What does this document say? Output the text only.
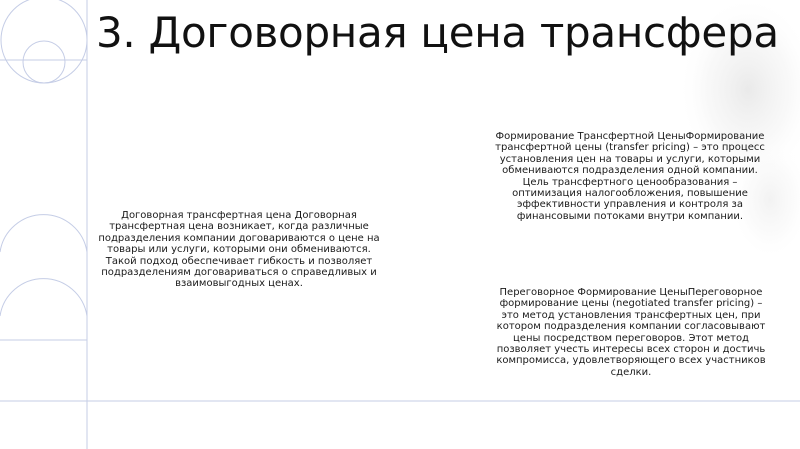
3. Договорная цена трансфера
Договорная трансфертная цена Договорная трансфертная цена возникает, когда различные подразделения компании договариваются о цене на товары или услуги, которыми они обмениваются. Такой подход обеспечивает гибкость и позволяет подразделениям договариваться о справедливых и взаимовыгодных ценах.
Формирование Трансфертной ЦеныФормирование трансфертной цены (transfer pricing) – это процесс установления цен на товары и услуги, которыми обмениваются подразделения одной компании. Цель трансфертного ценообразования – оптимизация налогообложения, повышение эффективности управления и контроля за финансовыми потоками внутри компании.
Переговорное Формирование ЦеныПереговорное формирование цены (negotiated transfer pricing) – это метод установления трансфертных цен, при котором подразделения компании согласовывают цены посредством переговоров. Этот метод позволяет учесть интересы всех сторон и достичь компромисса, удовлетворяющего всех участников сделки.
